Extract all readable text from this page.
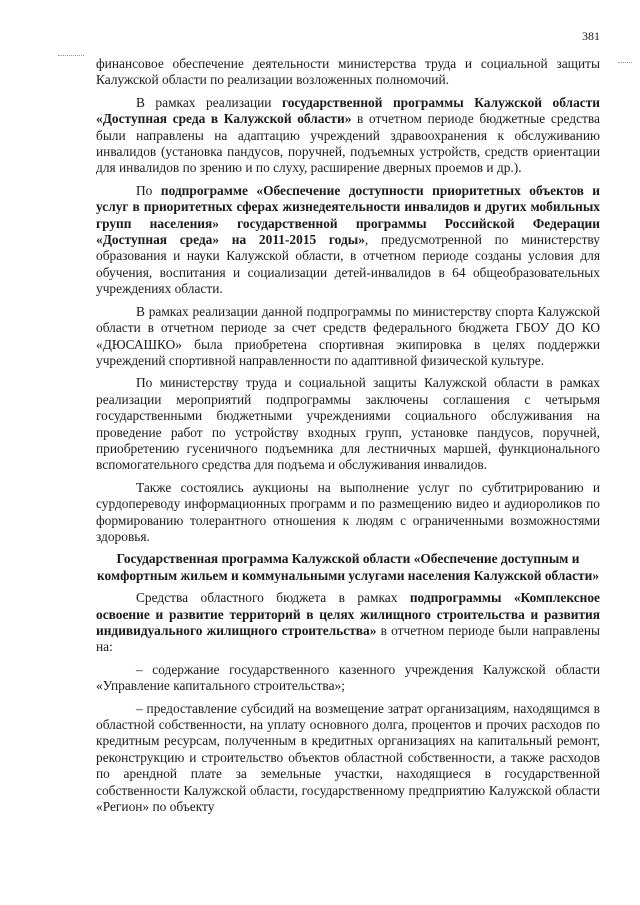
381

финансовое обеспечение деятельности министерства труда и социальной защиты Калужской области по реализации возложенных полномочий.

В рамках реализации государственной программы Калужской области «Доступная среда в Калужской области» в отчетном периоде бюджетные средства были направлены на адаптацию учреждений здравоохранения к обслуживанию инвалидов (установка пандусов, поручней, подъемных устройств, средств ориентации для инвалидов по зрению и по слуху, расширение дверных проемов и др.).

По подпрограмме «Обеспечение доступности приоритетных объектов и услуг в приоритетных сферах жизнедеятельности инвалидов и других мобильных групп населения» государственной программы Российской Федерации «Доступная среда» на 2011-2015 годы», предусмотренной по министерству образования и науки Калужской области, в отчетном периоде созданы условия для обучения, воспитания и социализации детей-инвалидов в 64 общеобразовательных учреждениях области.

В рамках реализации данной подпрограммы по министерству спорта Калужской области в отчетном периоде за счет средств федерального бюджета ГБОУ ДО КО «ДЮСАШКО» была приобретена спортивная экипировка в целях поддержки учреждений спортивной направленности по адаптивной физической культуре.

По министерству труда и социальной защиты Калужской области в рамках реализации мероприятий подпрограммы заключены соглашения с четырьмя государственными бюджетными учреждениями социального обслуживания на проведение работ по устройству входных групп, установке пандусов, поручней, приобретению гусеничного подъемника для лестничных маршей, функционального вспомогательного средства для подъема и обслуживания инвалидов.

Также состоялись аукционы на выполнение услуг по субтитрированию и сурдопереводу информационных программ и по размещению видео и аудиороликов по формированию толерантного отношения к людям с ограниченными возможностями здоровья.

Государственная программа Калужской области «Обеспечение доступным и комфортным жильем и коммунальными услугами населения Калужской области»

Средства областного бюджета в рамках подпрограммы «Комплексное освоение и развитие территорий в целях жилищного строительства и развития индивидуального жилищного строительства» в отчетном периоде были направлены на:

– содержание государственного казенного учреждения Калужской области «Управление капитального строительства»;

– предоставление субсидий на возмещение затрат организациям, находящимся в областной собственности, на уплату основного долга, процентов и прочих расходов по кредитным ресурсам, полученным в кредитных организациях на капитальный ремонт, реконструкцию и строительство объектов областной собственности, а также расходов по арендной плате за земельные участки, находящиеся в государственной собственности Калужской области, государственному предприятию Калужской области «Регион» по объекту
